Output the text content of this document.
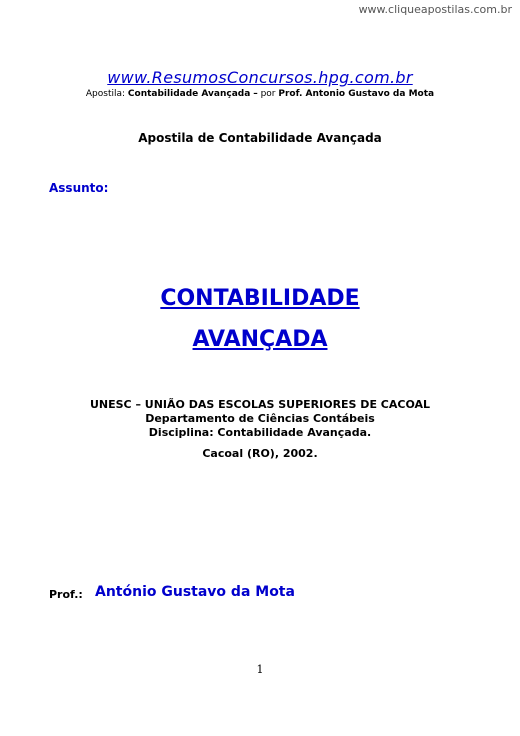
www.cliqueapostilas.com.br
www.ResumosConcursos.hpg.com.br
Apostila: Contabilidade Avançada – por Prof. Antonio Gustavo da Mota
Apostila de Contabilidade Avançada
Assunto:
CONTABILIDADE
AVANÇADA
UNESC – UNIÃO DAS ESCOLAS SUPERIORES DE CACOAL
Departamento de Ciências Contábeis
Disciplina: Contabilidade Avançada.
Cacoal (RO), 2002.
Prof.: António Gustavo da Mota
1
